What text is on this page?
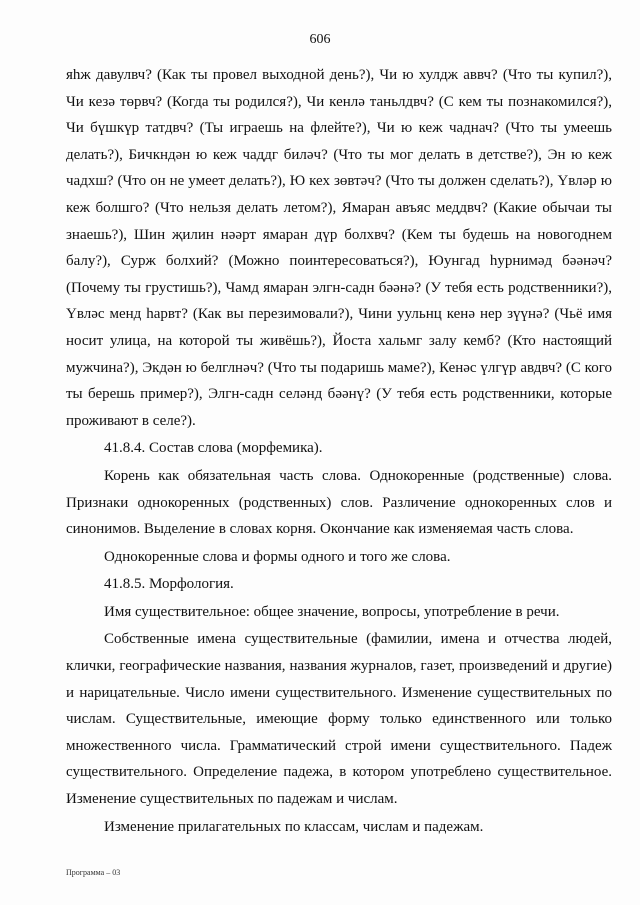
606

яhж давулвч? (Как ты провел выходной день?), Чи ю хулдж аввч? (Что ты купил?), Чи кезә төрвч? (Когда ты родился?), Чи кенлә таньлдвч? (С кем ты познакомился?), Чи бүшкүр татдвч? (Ты играешь на флейте?), Чи ю кеж чаднач? (Что ты умеешь делать?), Бичкндән ю кеж чаддг биләч? (Что ты мог делать в детстве?), Эн ю кеж чадхш? (Что он не умеет делать?), Ю кех зөвтәч? (Что ты должен сделать?), Үвләр ю кеж болшго? (Что нельзя делать летом?), Ямаран авъяс меддвч? (Какие обычаи ты знаешь?), Шин җилин нәәрт ямаран дүр болхвч? (Кем ты будешь на новогоднем балу?), Сурж болхий? (Можно поинтересоваться?), Юунгад һурнимәд бәәнәч? (Почему ты грустишь?), Чамд ямаран элгн-садн бәәнә? (У тебя есть родственники?), Үвләс менд һарвт? (Как вы перезимовали?), Чини уульнц кенә нер зүүнә? (Чьё имя носит улица, на которой ты живёшь?), Йоста хальмг залу кемб? (Кто настоящий мужчина?), Экдән ю белглнәч? (Что ты подаришь маме?), Кенәс үлгүр авдвч? (С кого ты берешь пример?), Элгн-садн селәнд бәәнү? (У тебя есть родственники, которые проживают в селе?).

41.8.4. Состав слова (морфемика).

Корень как обязательная часть слова. Однокоренные (родственные) слова. Признаки однокоренных (родственных) слов. Различение однокоренных слов и синонимов. Выделение в словах корня. Окончание как изменяемая часть слова.

Однокоренные слова и формы одного и того же слова.

41.8.5. Морфология.

Имя существительное: общее значение, вопросы, употребление в речи.

Собственные имена существительные (фамилии, имена и отчества людей, клички, географические названия, названия журналов, газет, произведений и другие) и нарицательные. Число имени существительного. Изменение существительных по числам. Существительные, имеющие форму только единственного или только множественного числа. Грамматический строй имени существительного. Падеж существительного. Определение падежа, в котором употреблено существительное. Изменение существительных по падежам и числам.

Изменение прилагательных по классам, числам и падежам.

Программа – 03
